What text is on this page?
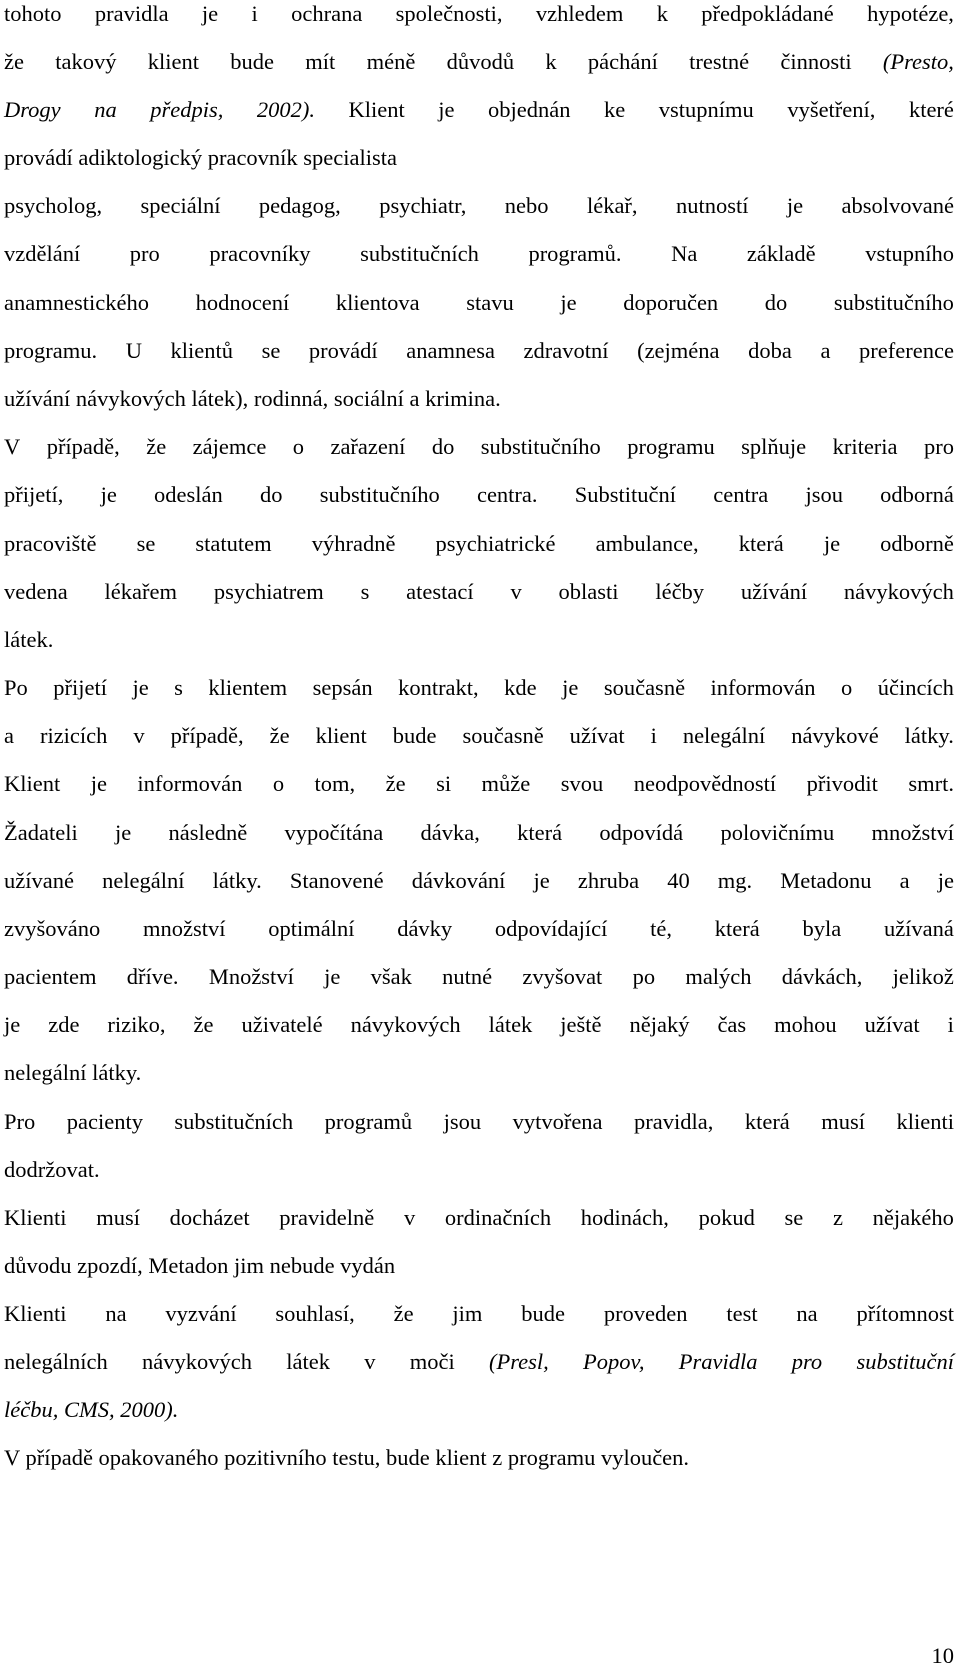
tohoto pravidla je i ochrana společnosti, vzhledem k předpokládané hypotéze,
že takový klient bude mít méně důvodů k páchání trestné činnosti (Presto,
Drogy na předpis, 2002). Klient je objednán ke vstupnímu vyšetření, které
provádí adiktologický pracovník specialista
psycholog, speciální pedagog, psychiatr, nebo lékař, nutností je absolvované
vzdělání pro pracovníky substitučních programů. Na základě vstupního
anamnestického hodnocení klientova stavu je doporučen do substitučního
programu. U klientů se provádí anamnesa zdravotní (zejména doba a preference
užívání návykových látek), rodinná, sociální a krimina.
V případě, že zájemce o zařazení do substitučního programu splňuje kriteria pro
přijetí, je odeslán do substitučního centra. Substituční centra jsou odborná
pracoviště se statutem výhradně psychiatrické ambulance, která je odborně
vedena lékařem psychiatrem s atestací v oblasti léčby užívání návykových
látek.
Po přijetí je s klientem sepsán kontrakt, kde je současně informován o účincích
a rizicích v případě, že klient bude současně užívat i nelegální návykové látky.
Klient je informován o tom, že si může svou neodpovědností přivodit smrt.
Žadateli je následně vypočítána dávka, která odpovídá polovičnímu množství
užívané nelegální látky. Stanovené dávkování je zhruba 40 mg. Metadonu a je
zvyšováno množství optimální dávky odpovídající té, která byla užívaná
pacientem dříve. Množství je však nutné zvyšovat po malých dávkách, jelikož
je zde riziko, že uživatelé návykových látek ještě nějaký čas mohou užívat i
nelegální látky.
Pro pacienty substitučních programů jsou vytvořena pravidla, která musí klienti
dodržovat.
Klienti musí docházet pravidelně v ordinačních hodinách, pokud se z nějakého
důvodu zpozdí, Metadon jim nebude vydán
Klienti na vyzvání souhlasí, že jim bude proveden test na přítomnost
nelegálních návykových látek v moči (Presl, Popov, Pravidla pro substituční
léčbu, CMS, 2000).
V případě opakovaného pozitivního testu, bude klient z programu vyloučen.
10
